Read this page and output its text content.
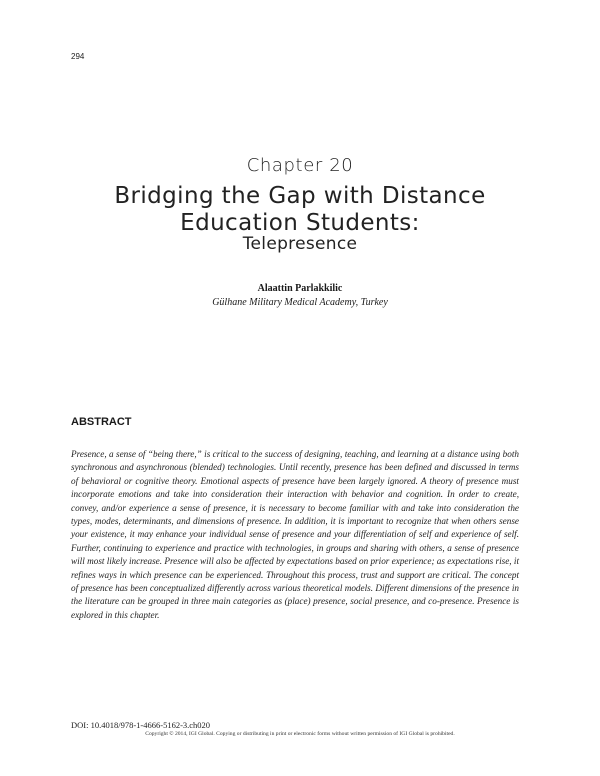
294
Chapter 20
Bridging the Gap with Distance
Education Students:
Telepresence
Alaattin Parlakkilic
Gülhane Military Medical Academy, Turkey
ABSTRACT

Presence, a sense of “being there,” is critical to the success of designing, teaching, and learning at a distance using both synchronous and asynchronous (blended) technologies. Until recently, presence has been defined and discussed in terms of behavioral or cognitive theory. Emotional aspects of presence have been largely ignored. A theory of presence must incorporate emotions and take into consideration their interaction with behavior and cognition. In order to create, convey, and/or experience a sense of presence, it is necessary to become familiar with and take into consideration the types, modes, determinants, and dimensions of presence. In addition, it is important to recognize that when others sense your existence, it may enhance your individual sense of presence and your differentiation of self and experience of self. Further, continuing to experience and practice with technologies, in groups and sharing with others, a sense of presence will most likely increase. Presence will also be affected by expectations based on prior experience; as expectations rise, it refines ways in which presence can be experienced. Throughout this process, trust and support are critical. The concept of presence has been conceptualized differently across various theoretical models. Different dimensions of the presence in the literature can be grouped in three main categories as (place) presence, social presence, and co-presence. Presence is explored in this chapter.

DOI: 10.4018/978-1-4666-5162-3.ch020
Copyright © 2014, IGI Global. Copying or distributing in print or electronic forms without written permission of IGI Global is prohibited.
